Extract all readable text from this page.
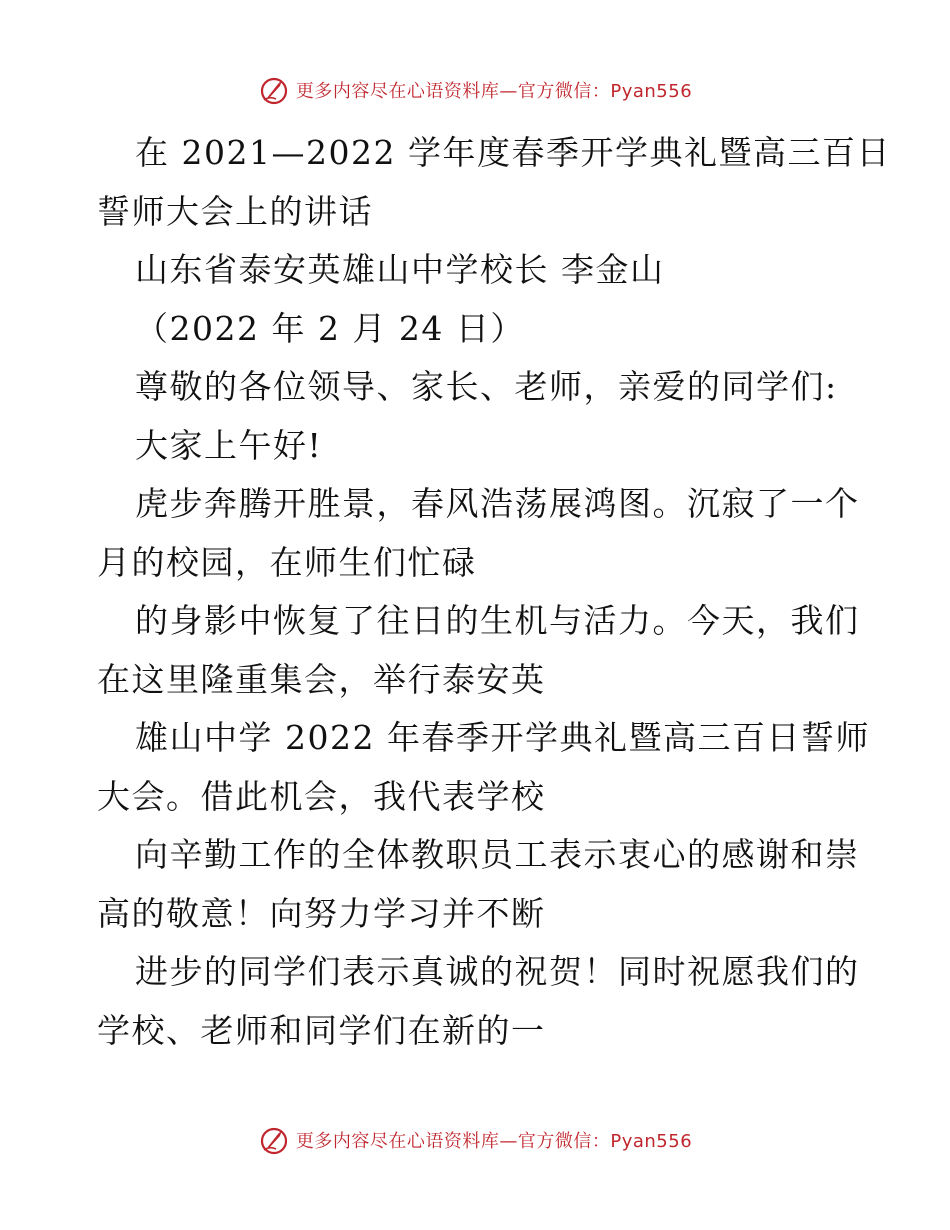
更多内容尽在心语资料库—官方微信：Pyan556
在 2021—2022 学年度春季开学典礼暨高三百日
誓师大会上的讲话
山东省泰安英雄山中学校长 李金山
（2022 年 2 月 24 日）
尊敬的各位领导、家长、老师，亲爱的同学们:
大家上午好!
虎步奔腾开胜景，春风浩荡展鸿图。沉寂了一个
月的校园，在师生们忙碌
的身影中恢复了往日的生机与活力。今天，我们
在这里隆重集会，举行泰安英
雄山中学 2022 年春季开学典礼暨高三百日誓师
大会。借此机会，我代表学校
向辛勤工作的全体教职员工表示衷心的感谢和崇
高的敬意！向努力学习并不断
进步的同学们表示真诚的祝贺！同时祝愿我们的
学校、老师和同学们在新的一
更多内容尽在心语资料库—官方微信：Pyan556
